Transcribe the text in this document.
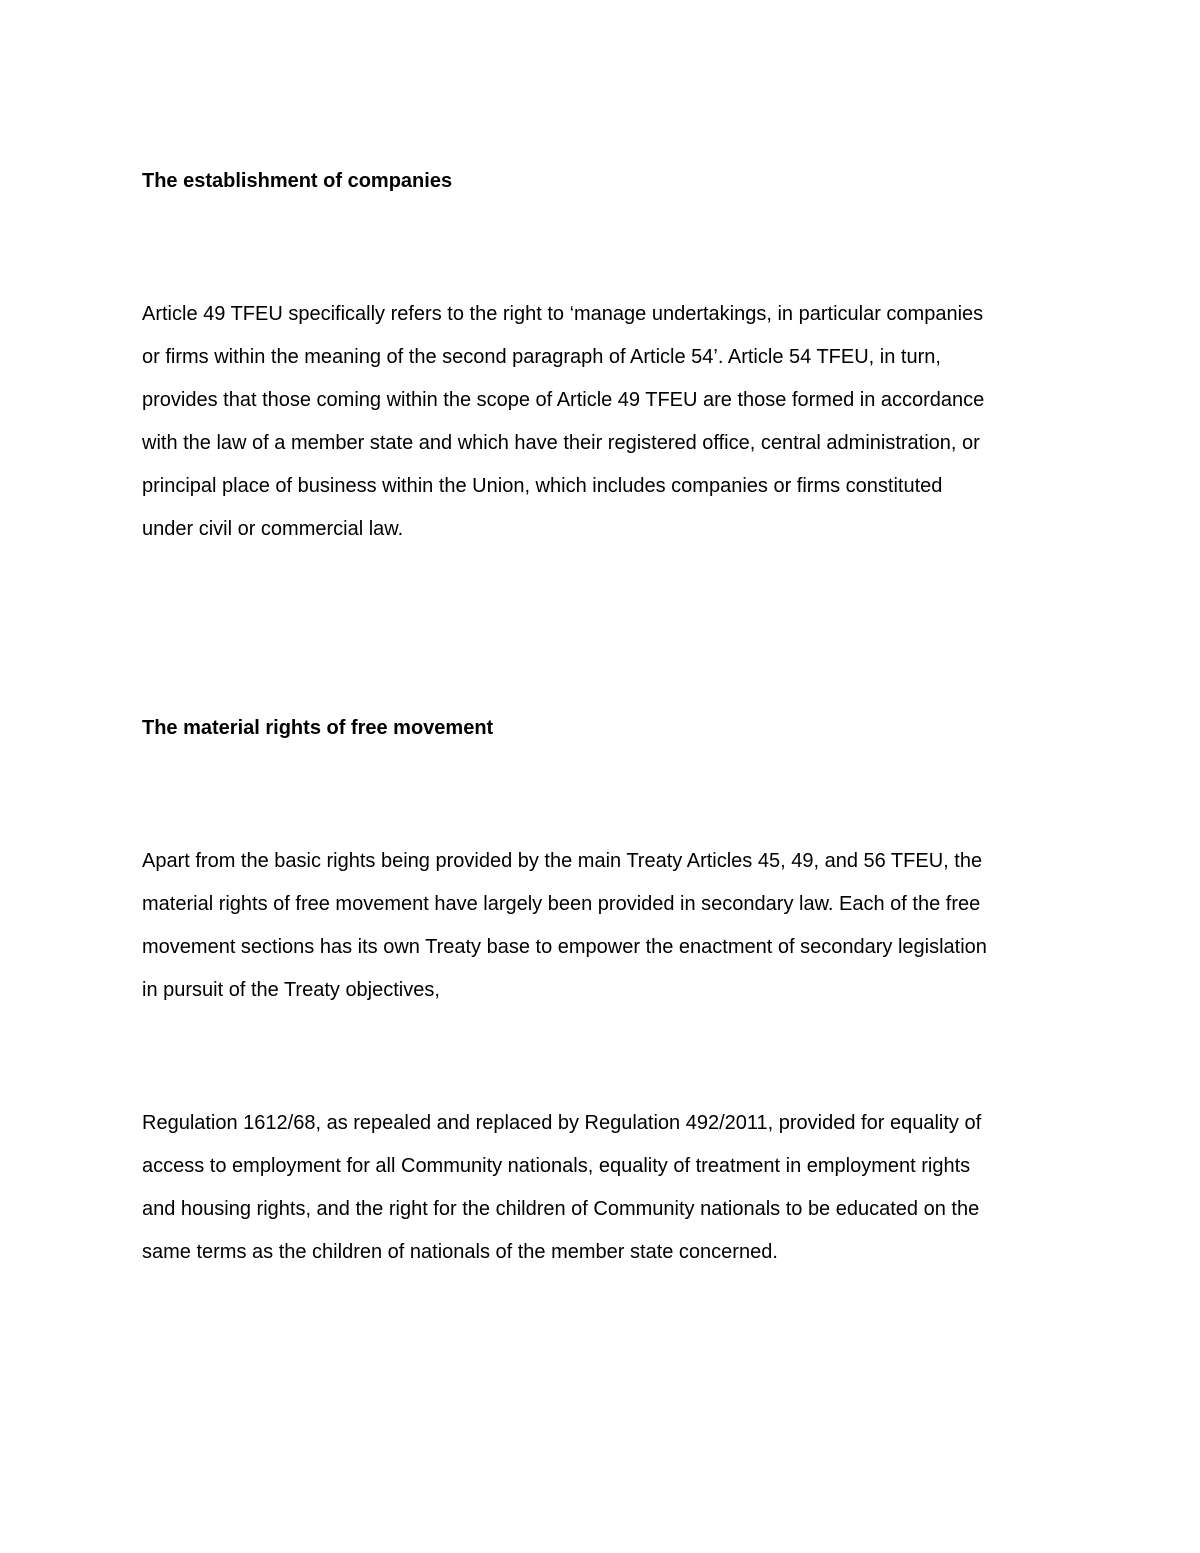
The establishment of companies

Article 49 TFEU specifically refers to the right to ‘manage undertakings, in particular companies
or firms within the meaning of the second paragraph of Article 54’. Article 54 TFEU, in turn,
provides that those coming within the scope of Article 49 TFEU are those formed in accordance
with the law of a member state and which have their registered office, central administration, or
principal place of business within the Union, which includes companies or firms constituted
under civil or commercial law.

The material rights of free movement

Apart from the basic rights being provided by the main Treaty Articles 45, 49, and 56 TFEU, the
material rights of free movement have largely been provided in secondary law. Each of the free
movement sections has its own Treaty base to empower the enactment of secondary legislation
in pursuit of the Treaty objectives,

Regulation 1612/68, as repealed and replaced by Regulation 492/2011, provided for equality of
access to employment for all Community nationals, equality of treatment in employment rights
and housing rights, and the right for the children of Community nationals to be educated on the
same terms as the children of nationals of the member state concerned.
